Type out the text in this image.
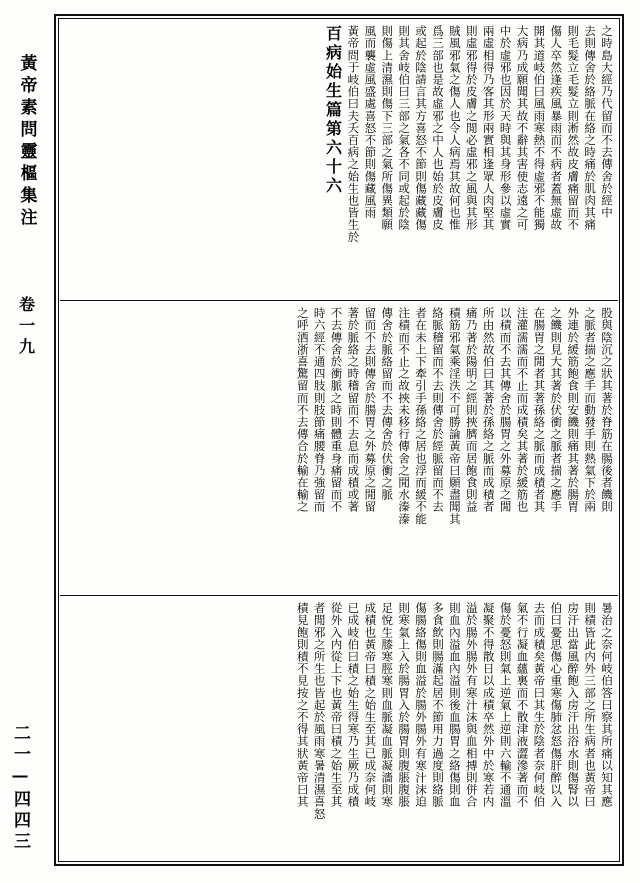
黃帝素問靈樞集注
卷一九
二一—四四三
之時島大經乃代留而不去傳舍於經中
去則傳舍於絡脈在絡之時痛於肌肉其痛
則毛髮立毛髮立則淅然故皮膚痛留而不
傷人卒然逢疾風暴雨而不病者蓋無虛故
開其道岐伯曰風雨寒熱不得虛邪不能獨
大病乃成願聞其故不辭其害使志遠之可
中於虛邪也因於天時與其身形參以虛實
兩虛相得乃客其形兩實相逢眾人肉堅其
則虛邪得於皮膚之閒必虛邪之風與其形
賊風邪氣之傷人也令人病焉其故何也惟
爲三部也是故虛邪之中人也始於皮膚皮
或起於陰請言其方喜怒不節則傷藏藏傷
則其舍岐伯曰三部之氣各不同或起於陰
則傷上清濕則傷下三部之氣所傷異類願
風而襲虛風盛處喜怒不節則傷藏風雨
黃帝問于岐伯曰夫夭百病之始生也皆生於
百病始生篇第六十六
股與陰沉之狀其著於脊筋在腸後者饑則
之脈者揣之應手而動發手則熱氣下於兩
外連於緩筋飽食則安饑則痛其著於腸胃
之饑則見大其著於伏衝之脈者揣之應手
在腸胃之閒者其著孫絡之脈而成積者其
注灌濡濡而不止而成積矣其著於緩筋也
以積而不去其傳舍於腸胃之外募原之閒
所由然故伯曰其著於孫絡之脈而成積者
痛乃著於陽明之經則挾臍而居飽食則益
積筋邪氣乘淫泆不可勝論黃帝曰願盡聞其
絡脈稽留而不去則傳舍於經脈留而不去
者在未上下牽引手孫絡之居也浮而緩不能
注積而不止之故挾未移行傳舍之閒水溱溱
傳舍於脈絡留而不去傳舍於伏衝之脈
留而不去則傳舍於腸胃之外募原之閒留
著於脈絡之時稽留而不去息而成積或著
不去傳舍於衝脈之時則體重身痛留而不
時六經不通四肢則肢節痛腰脊乃強留而
之呼洒浙喜驚留而不去傳合於輸在輸之
暑治之奈何岐伯答曰察其所痛以知其應
則積皆此内外三部之所生病者也黃帝曰
房汗出當風醉飽入房汗出浴水則傷腎以
伯曰憂思傷心重寒傷肺忿怒傷肝醉以入
去而成積矣黃帝曰其生於陰者奈何岐伯
氣不行凝血蘊裏而不散津液澀滲著而不
傷於憂怒則氣上逆氣上逆則六輸不通溫
凝聚不得散日以成積卒然外中於寒若内
溢於腸外腸外有寒汁沫與血相搏則併合
則血內溢血內溢則後血腸胃之絡傷則血
多食飲則腸滿起居不節用力過度則絡脈
傷腸絡傷則血溢於腸外腸外有寒汁沫迫
則寒氣上入於腸胃入於腸胃則腹脹腹脹
足悅生膝寒脛寒則血脈凝血脈凝濇則寒
成積也黃帝曰積之始生至其已成奈何岐
已成岐伯曰積之始生得寒乃生厥乃成積
從外入内從上下也黃帝曰積之始生至其
者閒邪之所生也皆起於風雨寒暑清濕喜怒
積見飽則積不見按之不得其狀黃帝曰其
